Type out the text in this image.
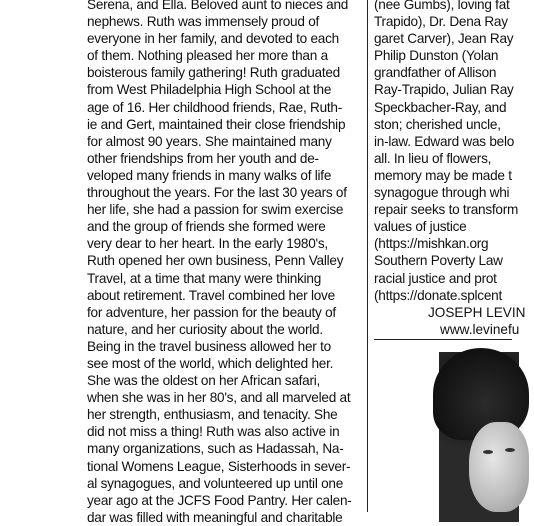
Serena, and Ella. Beloved aunt to nieces and
nephews. Ruth was immensely proud of
everyone in her family, and devoted to each
of them. Nothing pleased her more than a
boisterous family gathering! Ruth graduated
from West Philadelphia High School at the
age of 16. Her childhood friends, Rae, Ruth-
ie and Gert, maintained their close friendship
for almost 90 years. She maintained many
other friendships from her youth and de-
veloped many friends in many walks of life
throughout the years. For the last 30 years of
her life, she had a passion for swim exercise
and the group of friends she formed were
very dear to her heart. In the early 1980's,
Ruth opened her own business, Penn Valley
Travel, at a time that many were thinking
about retirement. Travel combined her love
for adventure, her passion for the beauty of
nature, and her curiosity about the world.
Being in the travel business allowed her to
see most of the world, which delighted her.
She was the oldest on her African safari,
when she was in her 80's, and all marveled at
her strength, enthusiasm, and tenacity. She
did not miss a thing! Ruth was also active in
many organizations, such as Hadassah, Na-
tional Womens League, Sisterhoods in sever-
al synagogues, and volunteered up until one
year ago at the JCFS Food Pantry. Her calen-
dar was filled with meaningful and charitable
(nee Gumbs), loving fat
Trapido), Dr. Dena Ray
garet Carver), Jean Ray
Philip Dunston (Yolan
grandfather of Allison
Ray-Trapido, Julian Ray
Speckbacher-Ray, and
ston; cherished uncle,
in-law. Edward was belo
all. In lieu of flowers,
memory may be made t
synagogue through whi
repair seeks to transform
values of justice
(https://mishkan.org
Southern Poverty Law
racial justice and prot
(https://donate.splcent
JOSEPH LEVIN
www.levinefu
